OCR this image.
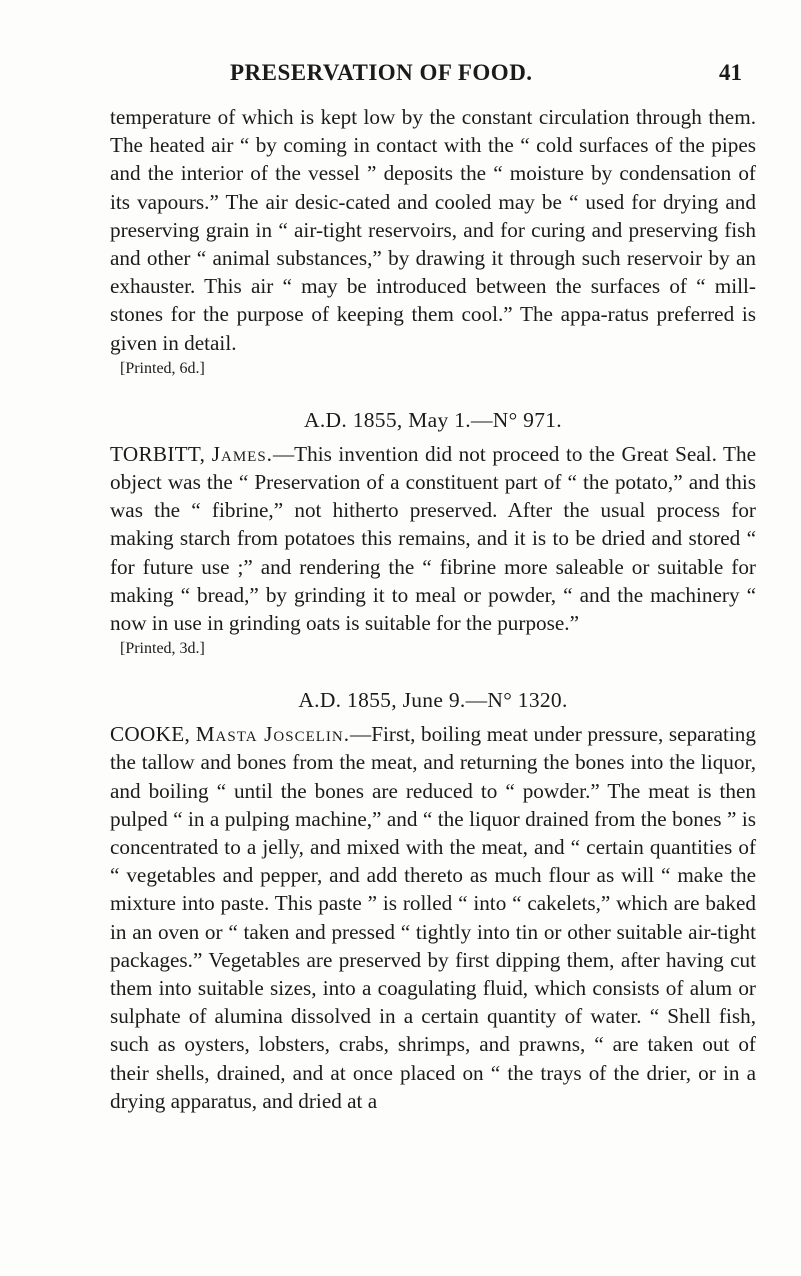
PRESERVATION OF FOOD.	41

temperature of which is kept low by the constant circulation through them. The heated air “ by coming in contact with the “ cold surfaces of the pipes and the interior of the vessel ” deposits the “ moisture by condensation of its vapours.” The air desic-cated and cooled may be “ used for drying and preserving grain in “ air-tight reservoirs, and for curing and preserving fish and other “ animal substances,” by drawing it through such reservoir by an exhauster. This air “ may be introduced between the surfaces of “ mill-stones for the purpose of keeping them cool.” The appa-ratus preferred is given in detail.

[Printed, 6d.]

A.D. 1855, May 1.—N° 971.

TORBITT, James.—This invention did not proceed to the Great Seal. The object was the “ Preservation of a constituent part of “ the potato,” and this was the “ fibrine,” not hitherto preserved. After the usual process for making starch from potatoes this remains, and it is to be dried and stored “ for future use ;” and rendering the “ fibrine more saleable or suitable for making “ bread,” by grinding it to meal or powder, “ and the machinery “ now in use in grinding oats is suitable for the purpose.”

[Printed, 3d.]

A.D. 1855, June 9.—N° 1320.

COOKE, Masta Joscelin.—First, boiling meat under pressure, separating the tallow and bones from the meat, and returning the bones into the liquor, and boiling “ until the bones are reduced to “ powder.” The meat is then pulped “ in a pulping machine,” and “ the liquor drained from the bones ” is concentrated to a jelly, and mixed with the meat, and “ certain quantities of “ vegetables and pepper, and add thereto as much flour as will “ make the mixture into paste. This paste ” is rolled “ into “ cakelets,” which are baked in an oven or “ taken and pressed “ tightly into tin or other suitable air-tight packages.” Vegetables are preserved by first dipping them, after having cut them into suitable sizes, into a coagulating fluid, which consists of alum or sulphate of alumina dissolved in a certain quantity of water. “ Shell fish, such as oysters, lobsters, crabs, shrimps, and prawns, “ are taken out of their shells, drained, and at once placed on “ the trays of the drier, or in a drying apparatus, and dried at a
